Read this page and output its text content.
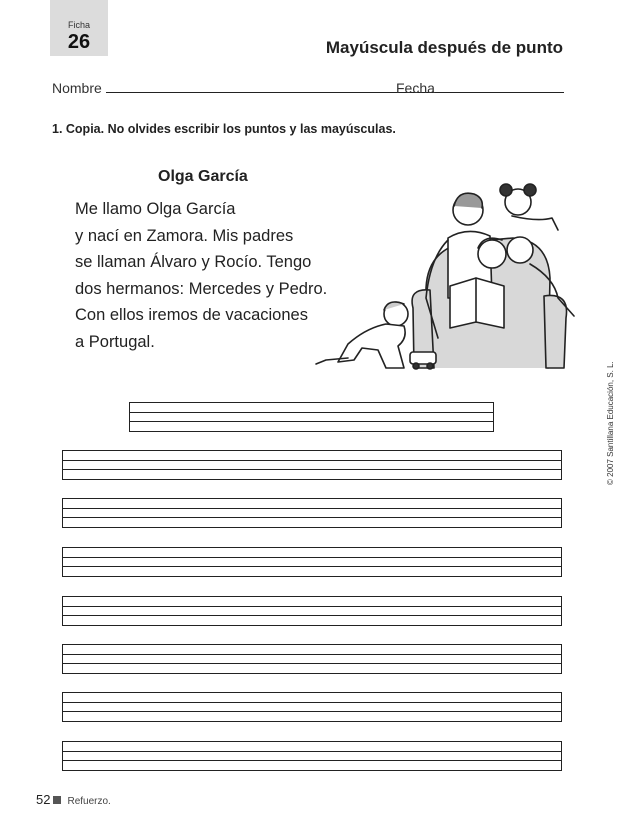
Ficha
26	Mayúscula después de punto
Nombre	Fecha
1. Copia. No olvides escribir los puntos y las mayúsculas.
Olga García
Me llamo Olga García
y nací en Zamora. Mis padres
se llaman Álvaro y Rocío. Tengo
dos hermanos: Mercedes y Pedro.
Con ellos iremos de vacaciones
a Portugal.
© 2007 Santillana Educación, S. L.
52 Refuerzo.
